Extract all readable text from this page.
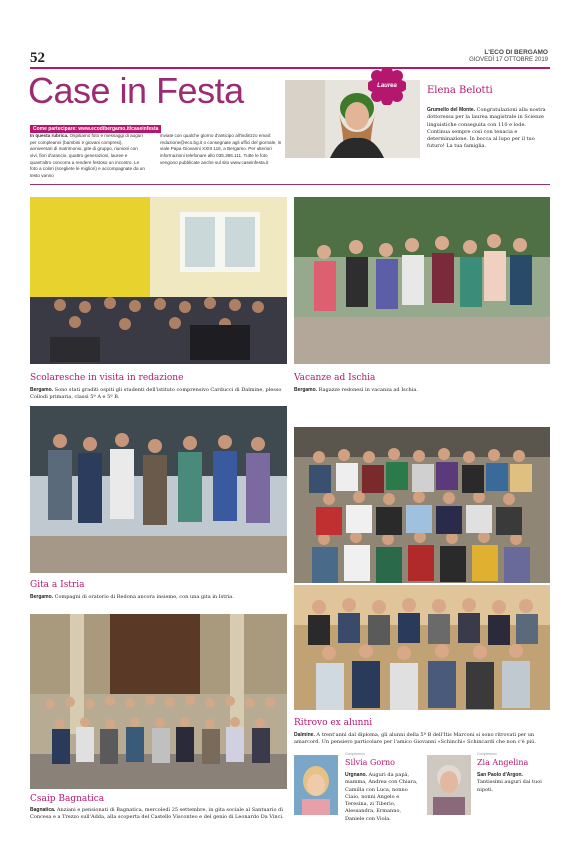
52	L'ECO DI BERGAMO
GIOVEDÌ 17 OTTOBRE 2019
Case in Festa
Come partecipare: www.ecodibergamo.it/caseinfesta
In questa rubrica. Ospitiamo foto e messaggi di auguri per compleanni (bambini e giovani compresi), anniversari di matrimonio, gite di gruppo, riunioni con vivi, fiori d'arancio, quattro generazioni, lauree e quant'altro concorra a rendere festoso un incontro. Le foto a colori (scegliete le migliori) e accompagnate da un testo vanno
inviate con qualche giorno d'anticipo all'indirizzo email: redazione@eco.bg.it o consegnate agli uffici del giornale, in viale Papa Giovanni XXIII 118, a Bergamo. Per ulteriori informazioni telefonare allo 035.386.111. Tutte le foto vengono pubblicate anche sul sito www.caseinfesta.it
Laurea	Elena Belotti
Grumello del Monte. Congratulazioni alla nostra dottoressa per la laurea magistrale in Scienze linguistiche conseguita con 110 e lode. Continua sempre così con tenacia e determinazione. In bocca al lupo per il tuo futuro! La tua famiglia.
Scolaresche in visita in redazione
Bergamo. Sono stati graditi ospiti gli studenti dell'istituto comprensivo Carducci di Dalmine, plesso Collodi primaria, classi 5ª A e 5ª B.
Vacanze ad Ischia
Bergamo. Ragazze redonesi in vacanza ad Ischia.
Gita a Istria
Bergamo. Compagni di oratorio di Redona ancora insieme, con una gita in Istria.
Ritrovo ex alunni
Dalmine. A trent'anni dal diploma, gli alunni della 5ª B dell'Itis Marconi si sono ritrovati per un amarcord. Un pensiero particolare per l'amico Giovanni «Schinchi» Schincardi che non c'è più.
Csaip Bagnatica
Bagnatica. Anziani e pensionati di Bagnatica, mercoledì 25 settembre, in gita sociale al Santuario di Concesa e a Trezzo sull'Adda, alla scoperta del Castello Visconteo e del genio di Leonardo Da Vinci.
Compleanno
Silvia Gorno
Urgnano. Auguri da papà, mamma, Andrea con Chiara, Camilla con Luca, nonno Ciaio, nonni Angelo e Teresina, zi Tiberio, Alessandra, Ermanno, Daniele con Viola.
Compleanno
Zia Angelina
San Paolo d'Argon. Tantissimi auguri dai tuoi nipoti.
